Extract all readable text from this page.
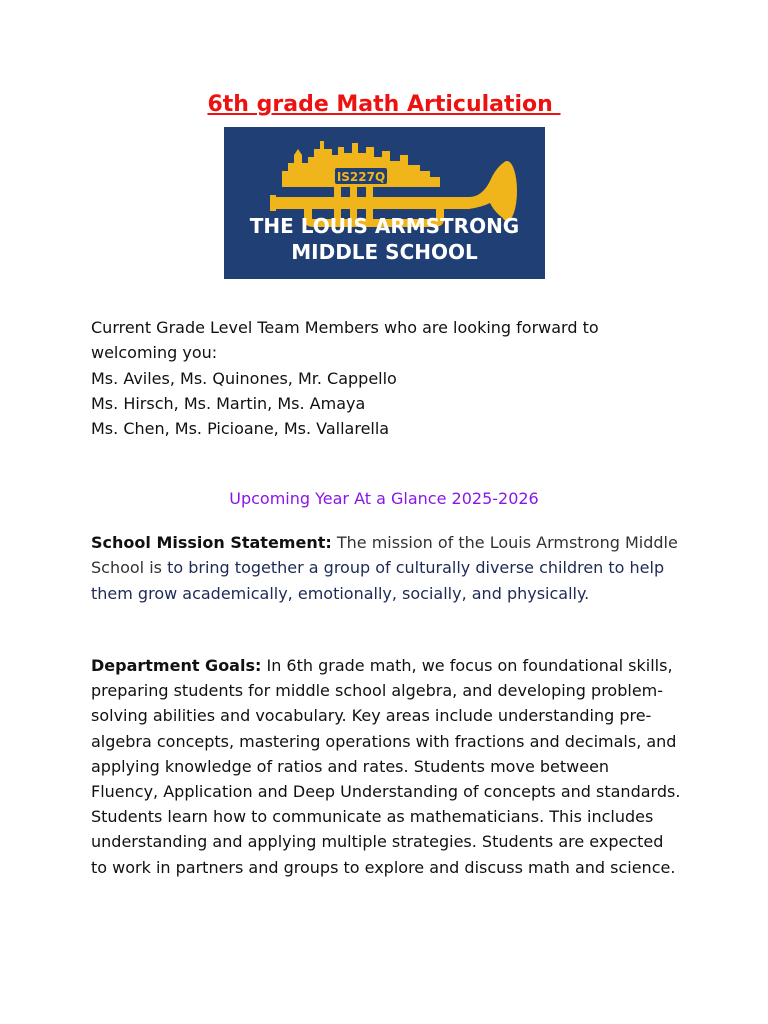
6th grade Math Articulation
IS227Q
THE LOUIS ARMSTRONG
MIDDLE SCHOOL
Current Grade Level Team Members who are looking forward to
welcoming you:
Ms. Aviles, Ms. Quinones, Mr. Cappello
Ms. Hirsch, Ms. Martin, Ms. Amaya
Ms. Chen, Ms. Picioane, Ms. Vallarella
Upcoming Year At a Glance 2025-2026
School Mission Statement: The mission of the Louis Armstrong Middle School is to bring together a group of culturally diverse children to help them grow academically, emotionally, socially, and physically.
Department Goals: In 6th grade math, we focus on foundational skills, preparing students for middle school algebra, and developing problem-solving abilities and vocabulary. Key areas include understanding pre-algebra concepts, mastering operations with fractions and decimals, and applying knowledge of ratios and rates. Students move between Fluency, Application and Deep Understanding of concepts and standards. Students learn how to communicate as mathematicians. This includes understanding and applying multiple strategies. Students are expected to work in partners and groups to explore and discuss math and science.
